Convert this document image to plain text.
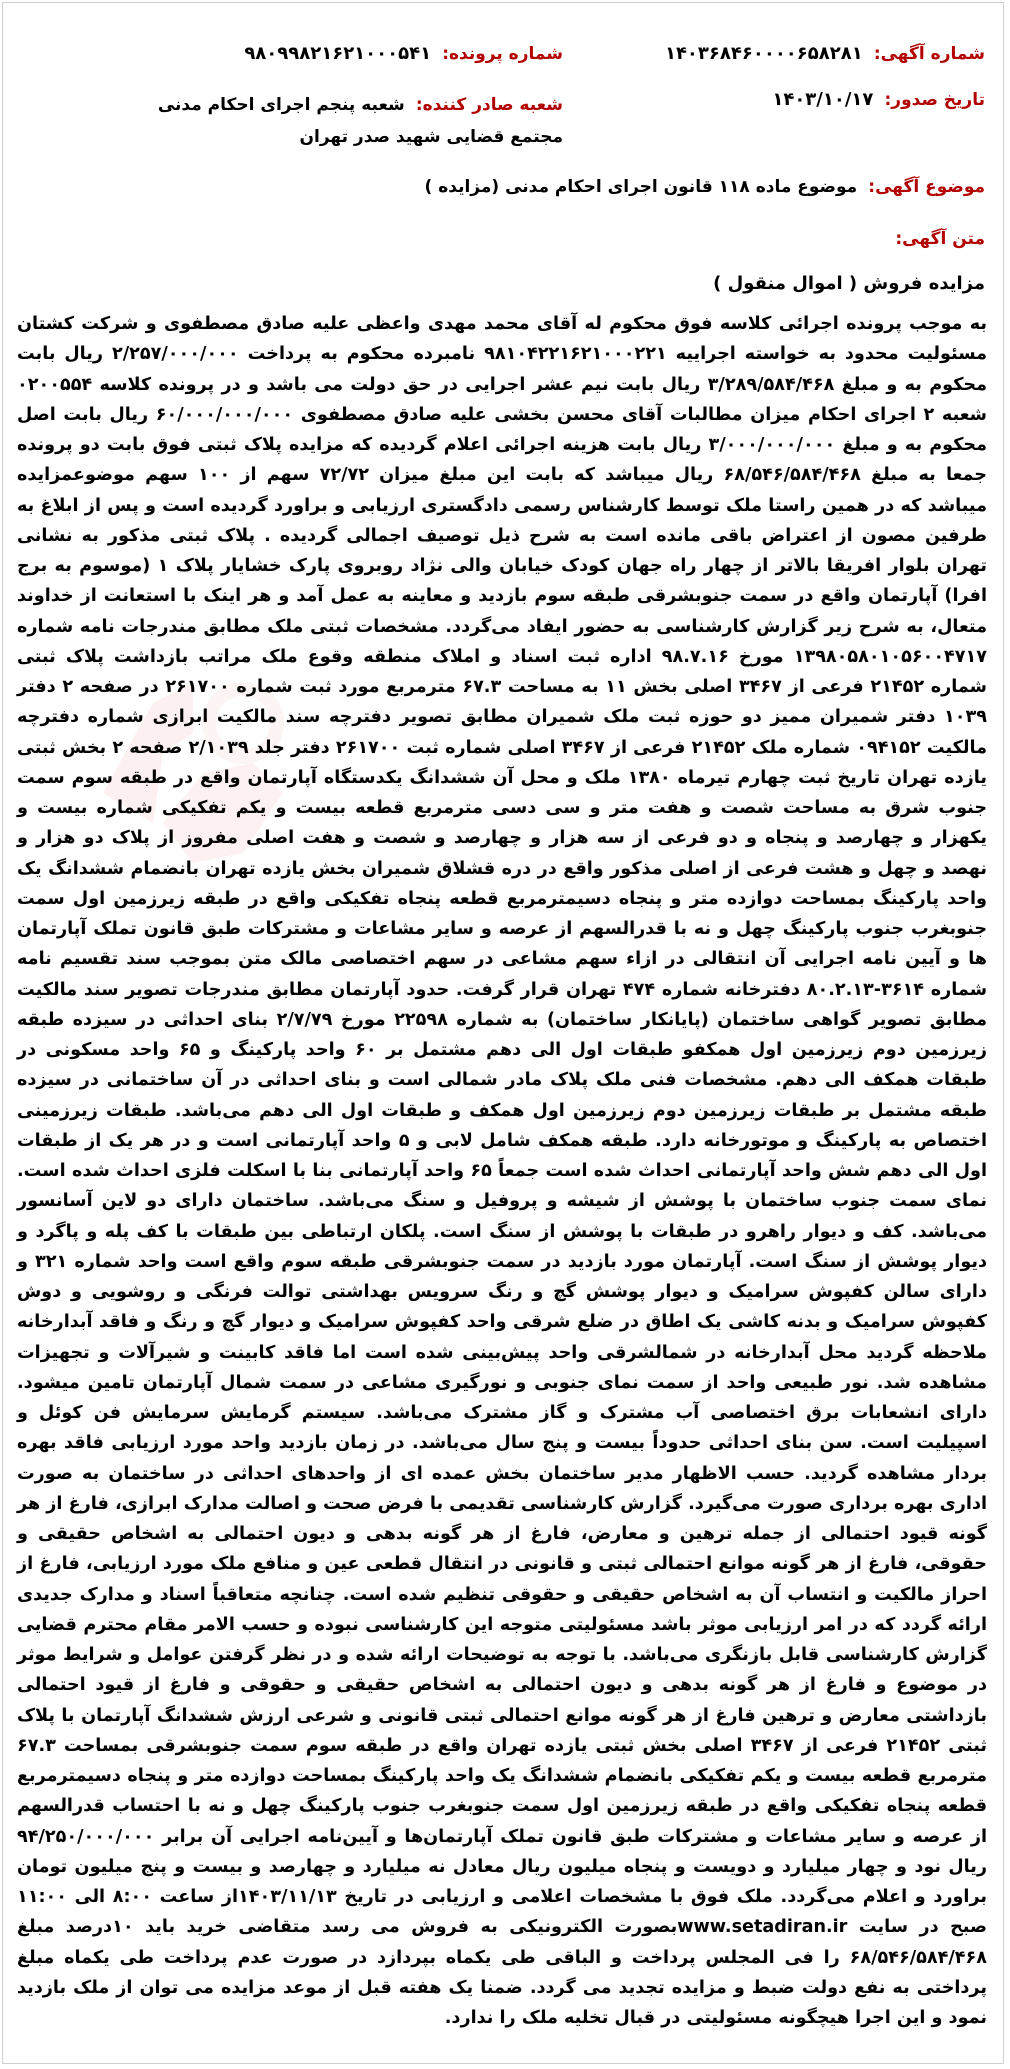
شماره آگهی: ۱۴۰۳۶۸۴۶۰۰۰۰۶۵۸۲۸۱
شماره پرونده: ۹۸۰۹۹۸۲۱۶۲۱۰۰۰۵۴۱
تاریخ صدور: ۱۴۰۳/۱۰/۱۷
شعبه صادر کننده: شعبه پنجم اجرای احکام مدنی مجتمع قضایی شهید صدر تهران
موضوع آگهی: موضوع ماده ۱۱۸ قانون اجرای احکام مدنی (مزایده )
متن آگهی:
مزایده فروش ( اموال منقول )
به موجب پرونده اجرائی کلاسه فوق محکوم له آقای محمد مهدی واعظی علیه صادق مصطفوی و شرکت کشتان مسئولیت محدود به خواسته اجراییه ۹۸۱۰۴۲۲۱۶۲۱۰۰۰۲۲۱ نامبرده محکوم به پرداخت ۲/۲۵۷/۰۰۰/۰۰۰ ریال بابت محکوم به و مبلغ ۳/۲۸۹/۵۸۴/۴۶۸ ریال بابت نیم عشر اجرایی در حق دولت می باشد و در پرونده کلاسه ۰۲۰۰۵۵۴ شعبه ۲ اجرای احکام میزان مطالبات آقای محسن بخشی علیه صادق مصطفوی ۶۰/۰۰۰/۰۰۰/۰۰۰ ریال بابت اصل محکوم به و مبلغ ۳/۰۰۰/۰۰۰/۰۰۰ ریال بابت هزینه اجرائی اعلام گردیده که مزایده پلاک ثبتی فوق بابت دو پرونده جمعا به مبلغ ۶۸/۵۴۶/۵۸۴/۴۶۸ ریال میباشد که بابت این مبلغ میزان ۷۲/۷۲ سهم از ۱۰۰ سهم موضوعمزایده میباشد که در همین راستا ملک توسط کارشناس رسمی دادگستری ارزیابی و براورد گردیده است و پس از ابلاغ به طرفین مصون از اعتراض باقی مانده است به شرح ذیل توصیف اجمالی گردیده . پلاک ثبتی مذکور به نشانی تهران بلوار افریقا بالاتر از چهار راه جهان کودک خیابان والی نژاد روبروی پارک خشایار پلاک ۱ (موسوم به برج افرا) آپارتمان واقع در سمت جنوبشرقی طبقه سوم بازدید و معاینه به عمل آمد و هر اینک با استعانت از خداوند متعال، به شرح زیر گزارش کارشناسی به حضور ایفاد می‌گردد. مشخصات ثبتی ملک مطابق مندرجات نامه شماره ۱۳۹۸۰۵۸۰۱۰۵۶۰۰۴۷۱۷ مورخ ۹۸.۷.۱۶ اداره ثبت اسناد و املاک منطقه وقوع ملک مراتب بازداشت پلاک ثبتی شماره ۲۱۴۵۲ فرعی از ۳۴۶۷ اصلی بخش ۱۱ به مساحت ۶۷.۳ مترمربع مورد ثبت شماره ۲۶۱۷۰۰ در صفحه ۲ دفتر ۱۰۳۹ دفتر شمیران ممیز دو حوزه ثبت ملک شمیران مطابق تصویر دفترچه سند مالکیت ابرازی شماره دفترچه مالکیت ۰۹۴۱۵۲ شماره ملک ۲۱۴۵۲ فرعی از ۳۴۶۷ اصلی شماره ثبت ۲۶۱۷۰۰ دفتر جلد ۲/۱۰۳۹ صفحه ۲ بخش ثبتی یازده تهران تاریخ ثبت چهارم تیرماه ۱۳۸۰ ملک و محل آن ششدانگ یکدستگاه آپارتمان واقع در طبقه سوم سمت جنوب شرق به مساحت شصت و هفت متر و سی دسی مترمربع قطعه بیست و یکم تفکیکی شماره بیست و یکهزار و چهارصد و پنجاه و دو فرعی از سه هزار و چهارصد و شصت و هفت اصلی مفروز از پلاک دو هزار و نهصد و چهل و هشت فرعی از اصلی مذکور واقع در دره قشلاق شمیران بخش یازده تهران بانضمام ششدانگ یک واحد پارکینگ بمساحت دوازده متر و پنجاه دسیمترمربع قطعه پنجاه تفکیکی واقع در طبقه زیرزمین اول سمت جنوبغرب جنوب پارکینگ چهل و نه با قدرالسهم از عرصه و سایر مشاعات و مشترکات طبق قانون تملک آپارتمان ها و آیین نامه اجرایی آن انتقالی در ازاء سهم مشاعی در سهم اختصاصی مالک متن بموجب سند تقسیم نامه شماره ۳۶۱۴-۸۰.۲.۱۳ دفترخانه شماره ۴۷۴ تهران قرار گرفت. حدود آپارتمان مطابق مندرجات تصویر سند مالکیت مطابق تصویر گواهی ساختمان (پایانکار ساختمان) به شماره ۲۲۵۹۸ مورخ ۲/۷/۷۹ بنای احداثی در سیزده طبقه زیرزمین دوم زیرزمین اول همکفو طبقات اول الی دهم مشتمل بر ۶۰ واحد پارکینگ و ۶۵ واحد مسکونی در طبقات همکف الی دهم. مشخصات فنی ملک پلاک مادر شمالی است و بنای احداثی در آن ساختمانی در سیزده طبقه مشتمل بر طبقات زیرزمین دوم زیرزمین اول همکف و طبقات اول الی دهم می‌باشد. طبقات زیرزمینی اختصاص به پارکینگ و موتورخانه دارد. طبقه همکف شامل لابی و ۵ واحد آپارتمانی است و در هر یک از طبقات اول الی دهم شش واحد آپارتمانی احداث شده است جمعاً ۶۵ واحد آپارتمانی بنا با اسکلت فلزی احداث شده است. نمای سمت جنوب ساختمان با پوشش از شیشه و پروفیل و سنگ می‌باشد. ساختمان دارای دو لاین آسانسور می‌باشد. کف و دیوار راهرو در طبقات با پوشش از سنگ است. پلکان ارتباطی بین طبقات با کف پله و پاگرد و دیوار پوشش از سنگ است. آپارتمان مورد بازدید در سمت جنوبشرقی طبقه سوم واقع است واحد شماره ۳۲۱ و دارای سالن کفپوش سرامیک و دیوار پوشش گچ و رنگ سرویس بهداشتی توالت فرنگی و روشویی و دوش کفپوش سرامیک و بدنه کاشی یک اطاق در ضلع شرقی واحد کفپوش سرامیک و دیوار گچ و رنگ و فاقد آبدارخانه ملاحظه گردید محل آبدارخانه در شمالشرقی واحد پیش‌بینی شده است اما فاقد کابینت و شیرآلات و تجهیزات مشاهده شد. نور طبیعی واحد از سمت نمای جنوبی و نورگیری مشاعی در سمت شمال آپارتمان تامین میشود. دارای انشعابات برق اختصاصی آب مشترک و گاز مشترک می‌باشد. سیستم گرمایش سرمایش فن کوئل و اسپیلیت است. سن بنای احداثی حدوداً بیست و پنج سال می‌باشد. در زمان بازدید واحد مورد ارزیابی فاقد بهره بردار مشاهده گردید. حسب الاظهار مدیر ساختمان بخش عمده ای از واحدهای احداثی در ساختمان به صورت اداری بهره برداری صورت می‌گیرد. گزارش کارشناسی تقدیمی با فرض صحت و اصالت مدارک ابرازی، فارغ از هر گونه قیود احتمالی از جمله ترهین و معارض، فارغ از هر گونه بدهی و دیون احتمالی به اشخاص حقیقی و حقوقی، فارغ از هر گونه موانع احتمالی ثبتی و قانونی در انتقال قطعی عین و منافع ملک مورد ارزیابی، فارغ از احراز مالکیت و انتساب آن به اشخاص حقیقی و حقوقی تنظیم شده است. چنانچه متعاقباً اسناد و مدارک جدیدی ارائه گردد که در امر ارزیابی موثر باشد مسئولیتی متوجه این کارشناسی نبوده و حسب الامر مقام محترم قضایی گزارش کارشناسی قابل بازنگری می‌باشد. با توجه به توضیحات ارائه شده و در نظر گرفتن عوامل و شرایط موثر در موضوع و فارغ از هر گونه بدهی و دیون احتمالی به اشخاص حقیقی و حقوقی و فارغ از قیود احتمالی بازداشتی معارض و ترهین فارغ از هر گونه موانع احتمالی ثبتی قانونی و شرعی ارزش ششدانگ آپارتمان با پلاک ثبتی ۲۱۴۵۲ فرعی از ۳۴۶۷ اصلی بخش ثبتی یازده تهران واقع در طبقه سوم سمت جنوبشرقی بمساحت ۶۷.۳ مترمربع قطعه بیست و یکم تفکیکی بانضمام ششدانگ یک واحد پارکینگ بمساحت دوازده متر و پنجاه دسیمترمربع قطعه پنجاه تفکیکی واقع در طبقه زیرزمین اول سمت جنوبغرب جنوب پارکینگ چهل و نه با احتساب قدرالسهم از عرصه و سایر مشاعات و مشترکات طبق قانون تملک آپارتمان‌ها و آیین‌نامه اجرایی آن برابر ۹۴/۲۵۰/۰۰۰/۰۰۰ ریال نود و چهار میلیارد و دویست و پنجاه میلیون ریال معادل نه میلیارد و چهارصد و بیست و پنج میلیون تومان براورد و اعلام می‌گردد. ملک فوق با مشخصات اعلامی و ارزیابی در تاریخ ۱۴۰۳/۱۱/۱۳از ساعت ۸:۰۰ الی ۱۱:۰۰ صبح در سایت www.setadiran.irبصورت الکترونیکی به فروش می رسد متقاضی خرید باید ۱۰درصد مبلغ ۶۸/۵۴۶/۵۸۴/۴۶۸ را فی المجلس پرداخت و الباقی طی یکماه بپردازد در صورت عدم پرداخت طی یکماه مبلغ پرداختی به نفع دولت ضبط و مزایده تجدید می گردد. ضمنا یک هفته قبل از موعد مزایده می توان از ملک بازدید نمود و این اجرا هیچگونه مسئولیتی در قبال تخلیه ملک را ندارد.
